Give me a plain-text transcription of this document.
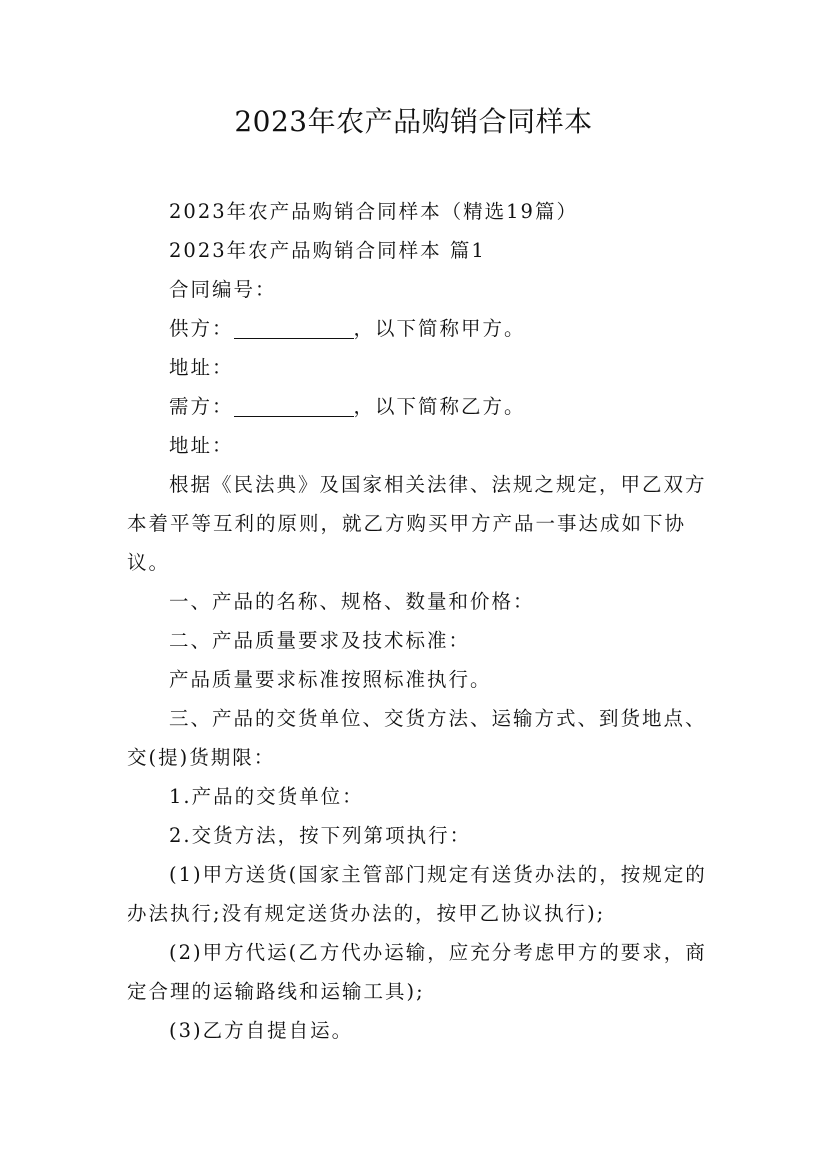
2023年农产品购销合同样本

2023年农产品购销合同样本（精选19篇）

2023年农产品购销合同样本 篇1

合同编号：

供方：	，以下简称甲方。

地址：

需方：	，以下简称乙方。

地址：

根据《民法典》及国家相关法律、法规之规定，甲乙双方本着平等互利的原则，就乙方购买甲方产品一事达成如下协议。

一、产品的名称、规格、数量和价格：

二、产品质量要求及技术标准：

产品质量要求标准按照标准执行。

三、产品的交货单位、交货方法、运输方式、到货地点、交(提)货期限：

1.产品的交货单位：

2.交货方法，按下列第项执行：

(1)甲方送货(国家主管部门规定有送货办法的，按规定的办法执行;没有规定送货办法的，按甲乙协议执行);

(2)甲方代运(乙方代办运输，应充分考虑甲方的要求，商定合理的运输路线和运输工具);

(3)乙方自提自运。
